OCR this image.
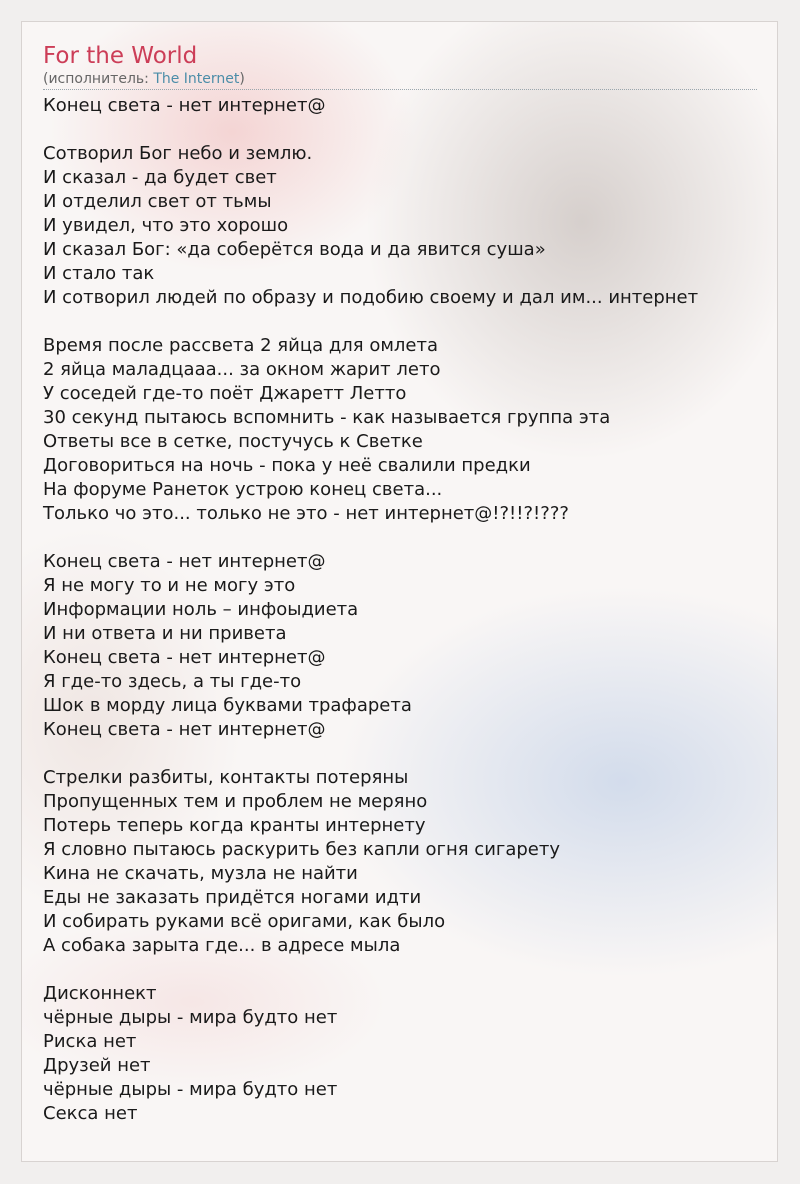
For the World
(исполнитель: The Internet)
Конец света - нет интернет@
Сотворил Бог небо и землю.
И сказал - да будет свет
И отделил свет от тьмы
И увидел, что это хорошо
И сказал Бог: «да соберётся вода и да явится суша»
И стало так
И сотворил людей по образу и подобию своему и дал им... интернет
Время после рассвета 2 яйца для омлета
2 яйца маладцааа... за окном жарит лето
У соседей где-то поёт Джаретт Летто
30 секунд пытаюсь вспомнить - как называется группа эта
Ответы все в сетке, постучусь к Светке
Договориться на ночь - пока у неё свалили предки
На форуме Ранеток устрою конец света...
Только чо это... только не это - нет интернет@!?!!?!???
Конец света - нет интернет@
Я не могу то и не могу это
Информации ноль – инфоыдиета
И ни ответа и ни привета
Конец света - нет интернет@
Я где-то здесь, а ты где-то
Шок в морду лица буквами трафарета
Конец света - нет интернет@
Стрелки разбиты, контакты потеряны
Пропущенных тем и проблем не меряно
Потерь теперь когда кранты интернету
Я словно пытаюсь раскурить без капли огня сигарету
Кина не скачать, музла не найти
Еды не заказать придётся ногами идти
И собирать руками всё оригами, как было
А собака зарыта где... в адресе мыла
Дисконнект
чёрные дыры - мира будто нет
Риска нет
Друзей нет
чёрные дыры - мира будто нет
Секса нет
